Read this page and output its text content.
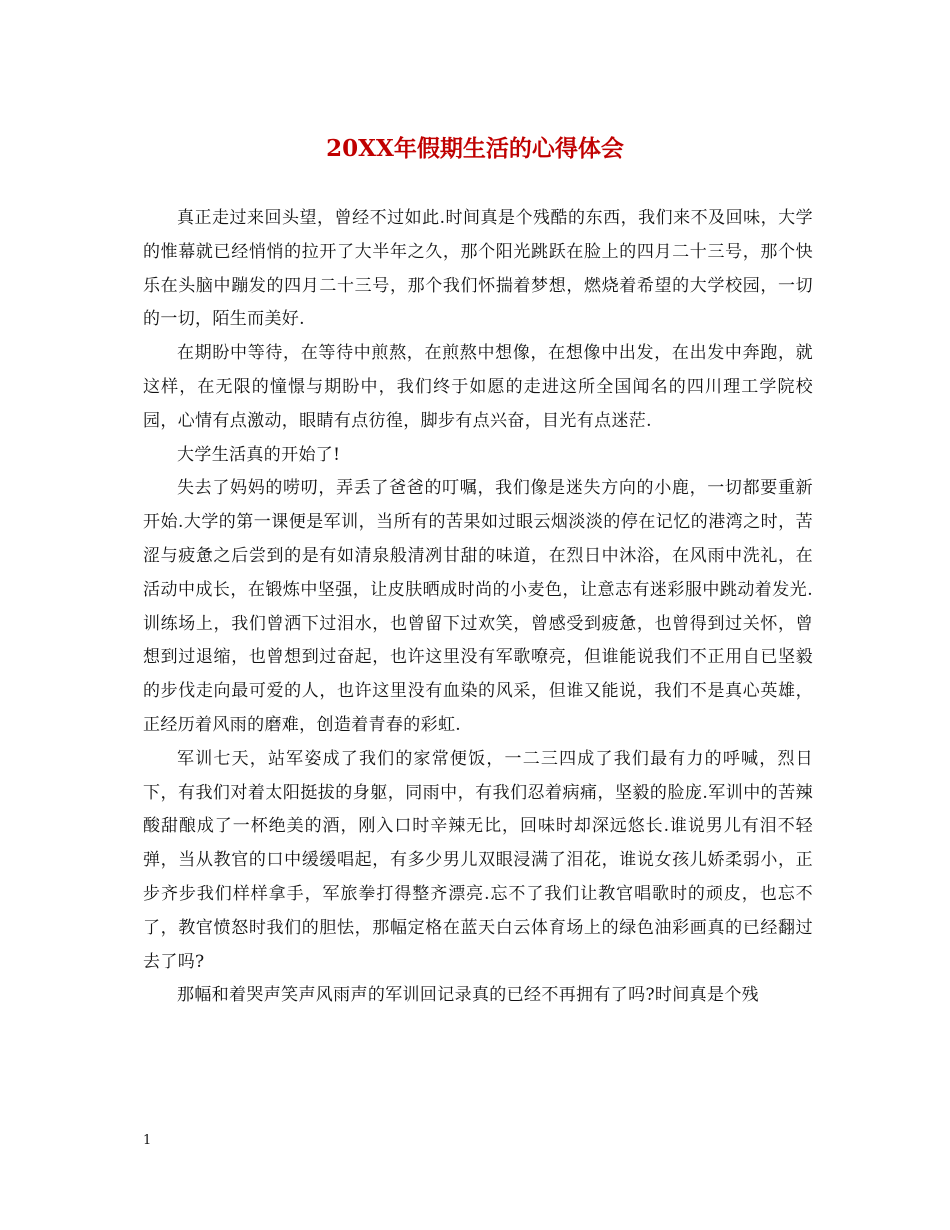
20XX年假期生活的心得体会

真正走过来回头望，曾经不过如此.时间真是个残酷的东西，我们来不及回味，大学的惟幕就已经悄悄的拉开了大半年之久，那个阳光跳跃在脸上的四月二十三号，那个快乐在头脑中蹦发的四月二十三号，那个我们怀揣着梦想，燃烧着希望的大学校园，一切的一切，陌生而美好.

在期盼中等待，在等待中煎熬，在煎熬中想像，在想像中出发，在出发中奔跑，就这样，在无限的憧憬与期盼中，我们终于如愿的走进这所全国闻名的四川理工学院校园，心情有点激动，眼睛有点彷徨，脚步有点兴奋，目光有点迷茫.

大学生活真的开始了!

失去了妈妈的唠叨，弄丢了爸爸的叮嘱，我们像是迷失方向的小鹿，一切都要重新开始.大学的第一课便是军训，当所有的苦果如过眼云烟淡淡的停在记忆的港湾之时，苦涩与疲惫之后尝到的是有如清泉般清冽甘甜的味道，在烈日中沐浴，在风雨中洗礼，在活动中成长，在锻炼中坚强，让皮肤晒成时尚的小麦色，让意志有迷彩服中跳动着发光.训练场上，我们曾洒下过泪水，也曾留下过欢笑，曾感受到疲惫，也曾得到过关怀，曾想到过退缩，也曾想到过奋起，也许这里没有军歌嘹亮，但谁能说我们不正用自已坚毅的步伐走向最可爱的人，也许这里没有血染的风采，但谁又能说，我们不是真心英雄，正经历着风雨的磨难，创造着青春的彩虹.

军训七天，站军姿成了我们的家常便饭，一二三四成了我们最有力的呼喊，烈日下，有我们对着太阳挺拔的身躯，同雨中，有我们忍着病痛，坚毅的脸庞.军训中的苦辣酸甜酿成了一杯绝美的酒，刚入口时辛辣无比，回味时却深远悠长.谁说男儿有泪不轻弹，当从教官的口中缓缓唱起，有多少男儿双眼浸满了泪花，谁说女孩儿娇柔弱小，正步齐步我们样样拿手，军旅拳打得整齐漂亮.忘不了我们让教官唱歌时的顽皮，也忘不了，教官愤怒时我们的胆怯，那幅定格在蓝天白云体育场上的绿色油彩画真的已经翻过去了吗?

那幅和着哭声笑声风雨声的军训回记录真的已经不再拥有了吗?时间真是个残

1
